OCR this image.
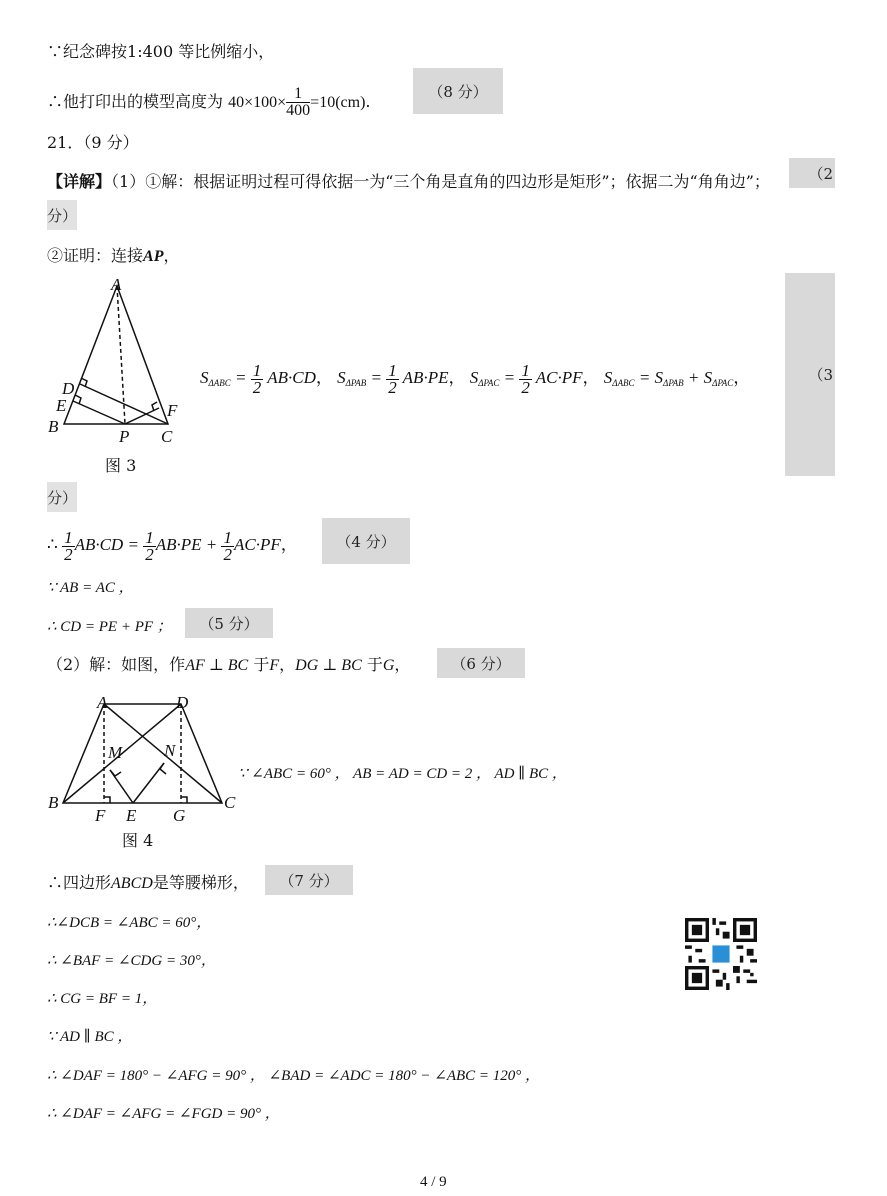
∵纪念碑按1:400 等比例缩小，
∴他打印出的模型高度为 $40\times 100\times \frac{1}{400} =10(cm)$.
（8 分）
21．（9 分）
【详解】（1）①解：根据证明过程可得依据一为“三个角是直角的四边形是矩形”；依据二为“角角边”；	（2
分）
②证明：连接AP，
A
B
C
D
E	F
P
图 3
$S_{\Delta ABC} = \frac{1}{2} AB\cdot CD$， $S_{\Delta PAB} = \frac{1}{2} AB\cdot PE$， $S_{\Delta PAC} = \frac{1}{2} AC\cdot PF$， $S_{\Delta ABC} = S_{\Delta PAB} + S_{\Delta PAC}$，	（3
分）
∴ $\frac{1}{2} AB\cdot CD = \frac{1}{2} AB\cdot PE + \frac{1}{2} AC\cdot PF$，	（4 分）
∵ AB = AC ，
∴ CD = PE + PF ；	（5 分）
（2）解：如图，作AF ⊥ BC 于F，DG ⊥ BC 于G，	（6 分）
A	D
B	C
M N
F E G
图 4
∵ ∠ABC = 60° ， AB = AD = CD = 2 ， AD ∥ BC ，
∴四边形ABCD是等腰梯形，	（7 分）
∴∠DCB = ∠ABC = 60°，
∴ ∠BAF = ∠CDG = 30°，
∴ CG = BF = 1，
∵ AD ∥ BC ，
∴ ∠DAF = 180° − ∠AFG = 90° ， ∠BAD = ∠ADC = 180° − ∠ABC = 120° ，
∴ ∠DAF = ∠AFG = ∠FGD = 90° ，
4 / 9
